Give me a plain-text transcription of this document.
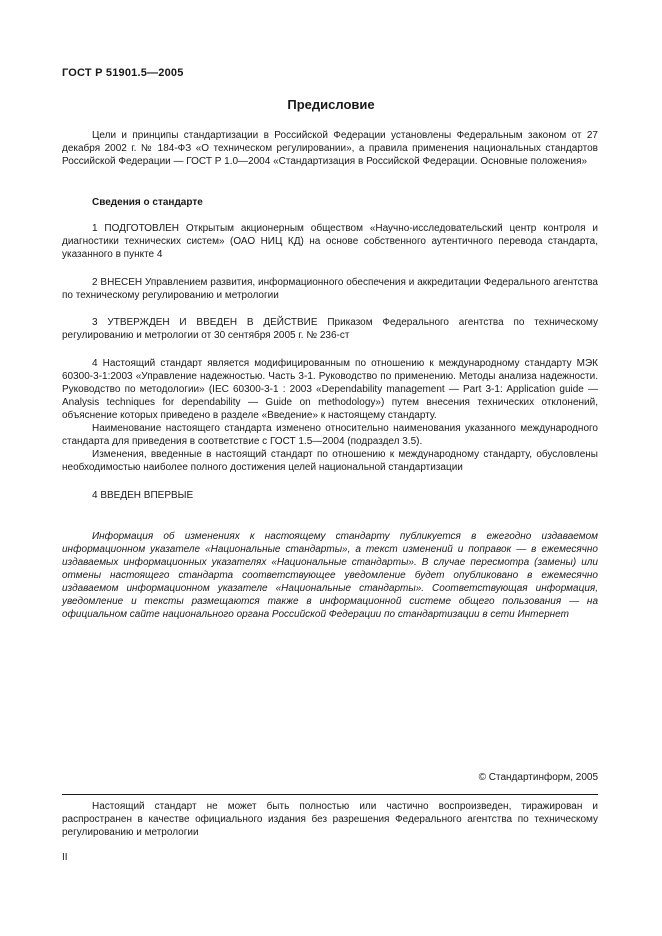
ГОСТ Р 51901.5—2005
Предисловие

Цели и принципы стандартизации в Российской Федерации установлены Федеральным законом от 27 декабря 2002 г. № 184-ФЗ «О техническом регулировании», а правила применения национальных стандартов Российской Федерации — ГОСТ Р 1.0—2004 «Стандартизация в Российской Федерации. Основные положения»

Сведения о стандарте

1 ПОДГОТОВЛЕН Открытым акционерным обществом «Научно-исследовательский центр контроля и диагностики технических систем» (ОАО НИЦ КД) на основе собственного аутентичного перевода стандарта, указанного в пункте 4

2 ВНЕСЕН Управлением развития, информационного обеспечения и аккредитации Федерального агентства по техническому регулированию и метрологии

3 УТВЕРЖДЕН И ВВЕДЕН В ДЕЙСТВИЕ Приказом Федерального агентства по техническому регулированию и метрологии от 30 сентября 2005 г. № 236-ст

4 Настоящий стандарт является модифицированным по отношению к международному стандарту МЭК 60300-3-1:2003 «Управление надежностью. Часть 3-1. Руководство по применению. Методы анализа надежности. Руководство по методологии» (IEC 60300-3-1 : 2003 «Dependability management — Part 3-1: Application guide — Analysis techniques for dependability — Guide on methodology») путем внесения технических отклонений, объяснение которых приведено в разделе «Введение» к настоящему стандарту.

Наименование настоящего стандарта изменено относительно наименования указанного международного стандарта для приведения в соответствие с ГОСТ 1.5—2004 (подраздел 3.5).

Изменения, введенные в настоящий стандарт по отношению к международному стандарту, обусловлены необходимостью наиболее полного достижения целей национальной стандартизации

4 ВВЕДЕН ВПЕРВЫЕ

Информация об изменениях к настоящему стандарту публикуется в ежегодно издаваемом информационном указателе «Национальные стандарты», а текст изменений и поправок — в ежемесячно издаваемых информационных указателях «Национальные стандарты». В случае пересмотра (замены) или отмены настоящего стандарта соответствующее уведомление будет опубликовано в ежемесячно издаваемом информационном указателе «Национальные стандарты». Соответствующая информация, уведомление и тексты размещаются также в информационной системе общего пользования — на официальном сайте национального органа Российской Федерации по стандартизации в сети Интернет

© Стандартинформ, 2005

Настоящий стандарт не может быть полностью или частично воспроизведен, тиражирован и распространен в качестве официального издания без разрешения Федерального агентства по техническому регулированию и метрологии

II
